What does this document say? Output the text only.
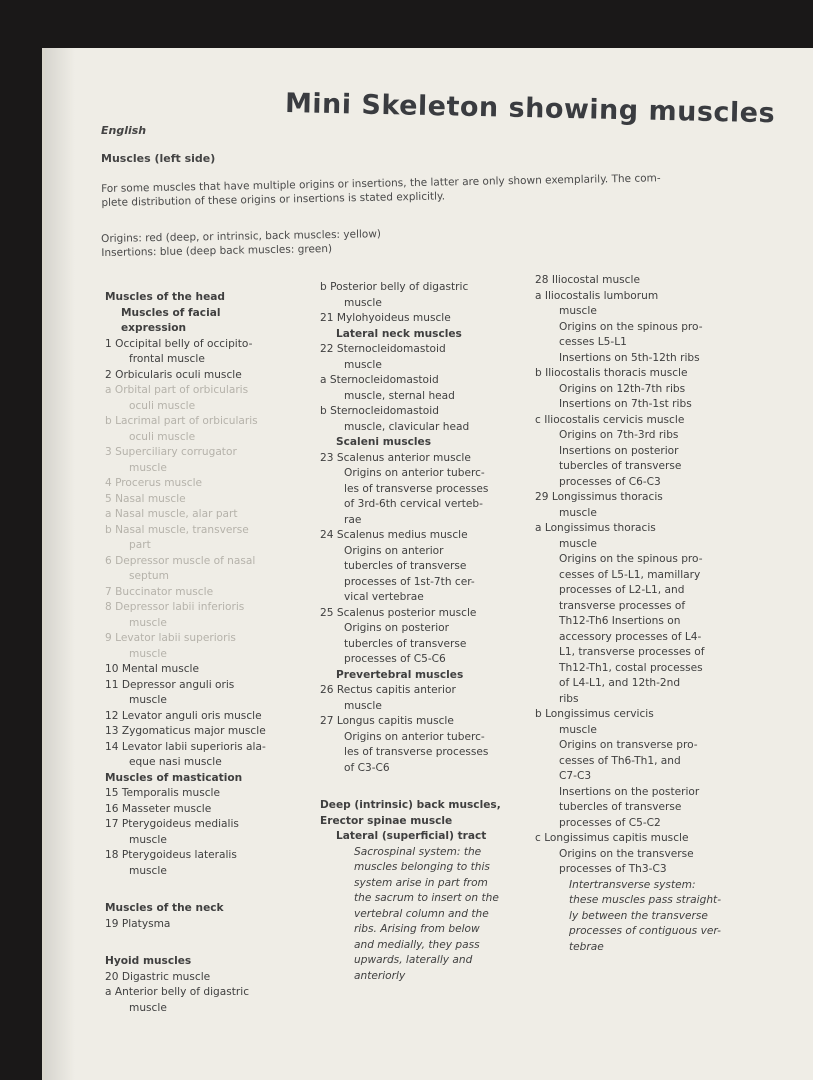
Mini Skeleton showing muscles
English
Muscles (left side)
For some muscles that have multiple origins or insertions, the latter are only shown exemplarily. The com-
plete distribution of these origins or insertions is stated explicitly.
Origins: red (deep, or intrinsic, back muscles: yellow)
Insertions: blue (deep back muscles: green)
Muscles of the head
Muscles of facial
expression
1 Occipital belly of occipito-
frontal muscle
2 Orbicularis oculi muscle
a Orbital part of orbicularis
oculi muscle
b Lacrimal part of orbicularis
oculi muscle
3 Superciliary corrugator
muscle
4 Procerus muscle
5 Nasal muscle
a Nasal muscle, alar part
b Nasal muscle, transverse
part
6 Depressor muscle of nasal
septum
7 Buccinator muscle
8 Depressor labii inferioris
muscle
9 Levator labii superioris
muscle
10 Mental muscle
11 Depressor anguli oris
muscle
12 Levator anguli oris muscle
13 Zygomaticus major muscle
14 Levator labii superioris ala-
eque nasi muscle
Muscles of mastication
15 Temporalis muscle
16 Masseter muscle
17 Pterygoideus medialis
muscle
18 Pterygoideus lateralis
muscle
Muscles of the neck
19 Platysma
Hyoid muscles
20 Digastric muscle
a Anterior belly of digastric
muscle
b Posterior belly of digastric
muscle
21 Mylohyoideus muscle
Lateral neck muscles
22 Sternocleidomastoid
muscle
a Sternocleidomastoid
muscle, sternal head
b Sternocleidomastoid
muscle, clavicular head
Scaleni muscles
23 Scalenus anterior muscle
Origins on anterior tuberc-
les of transverse processes
of 3rd-6th cervical verteb-
rae
24 Scalenus medius muscle
Origins on anterior
tubercles of transverse
processes of 1st-7th cer-
vical vertebrae
25 Scalenus posterior muscle
Origins on posterior
tubercles of transverse
processes of C5-C6
Prevertebral muscles
26 Rectus capitis anterior
muscle
27 Longus capitis muscle
Origins on anterior tuberc-
les of transverse processes
of C3-C6
Deep (intrinsic) back muscles,
Erector spinae muscle
Lateral (superficial) tract
Sacrospinal system: the
muscles belonging to this
system arise in part from
the sacrum to insert on the
vertebral column and the
ribs. Arising from below
and medially, they pass
upwards, laterally and
anteriorly
28 Iliocostal muscle
a Iliocostalis lumborum
muscle
Origins on the spinous pro-
cesses L5-L1
Insertions on 5th-12th ribs
b Iliocostalis thoracis muscle
Origins on 12th-7th ribs
Insertions on 7th-1st ribs
c Iliocostalis cervicis muscle
Origins on 7th-3rd ribs
Insertions on posterior
tubercles of transverse
processes of C6-C3
29 Longissimus thoracis
muscle
a Longissimus thoracis
muscle
Origins on the spinous pro-
cesses of L5-L1, mamillary
processes of L2-L1, and
transverse processes of
Th12-Th6 Insertions on
accessory processes of L4-
L1, transverse processes of
Th12-Th1, costal processes
of L4-L1, and 12th-2nd
ribs
b Longissimus cervicis
muscle
Origins on transverse pro-
cesses of Th6-Th1, and
C7-C3
Insertions on the posterior
tubercles of transverse
processes of C5-C2
c Longissimus capitis muscle
Origins on the transverse
processes of Th3-C3
Intertransverse system:
these muscles pass straight-
ly between the transverse
processes of contiguous ver-
tebrae
